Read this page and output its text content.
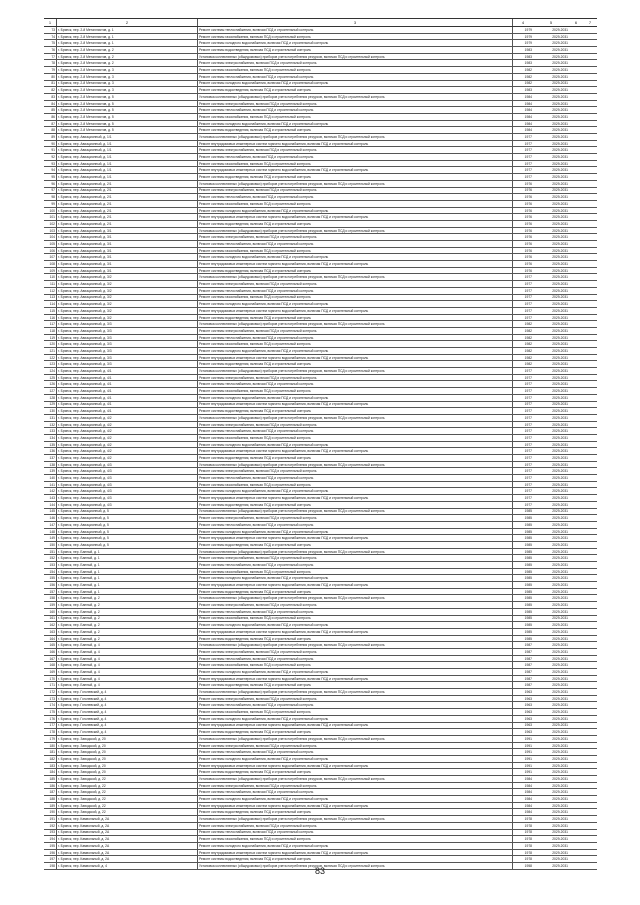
1	2	3	4	5	6	7
73	г. Брянск, пер. 2-й Металлистов, д. 1	Ремонт системы теплоснабжения, включая ПСД и строительный контроль	1979	2029-2031		
74	г. Брянск, пер. 2-й Металлистов, д. 1	Ремонт системы газоснабжения, включая ПСД и строительный контроль	1979	2029-2031		
75	г. Брянск, пер. 2-й Металлистов, д. 1	Ремонт системы холодного водоснабжения, включая ПСД и строительный контроль	1979	2029-2031		
76	г. Брянск, пер. 2-й Металлистов, д. 2	Ремонт системы водоотведения, включая ПСД и строительный контроль	1983	2029-2031		
77	г. Брянск, пер. 2-й Металлистов, д. 2	Установка коллективных (общедомовых) приборов учета потребления ресурсов, включая ПСД и строительный контроль	1983	2029-2031		
78	г. Брянск, пер. 2-й Металлистов, д. 2	Ремонт системы электроснабжения, включая ПСД и строительный контроль	1983	2029-2031		
79	г. Брянск, пер. 2-й Металлистов, д. 3	Ремонт системы газоснабжения, включая ПСД и строительный контроль	1982	2029-2031		
80	г. Брянск, пер. 2-й Металлистов, д. 3	Ремонт системы теплоснабжения, включая ПСД и строительный контроль	1982	2029-2031		
81	г. Брянск, пер. 2-й Металлистов, д. 3	Ремонт системы холодного водоснабжения, включая ПСД и строительный контроль	1982	2029-2031		
82	г. Брянск, пер. 2-й Металлистов, д. 3	Ремонт системы водоотведения, включая ПСД и строительный контроль	1983	2029-2031		
83	г. Брянск, пер. 2-й Металлистов, д. 5	Установка коллективных (общедомовых) приборов учета потребления ресурсов, включая ПСД и строительный контроль	1984	2029-2031		
84	г. Брянск, пер. 2-й Металлистов, д. 5	Ремонт системы электроснабжения, включая ПСД и строительный контроль	1984	2029-2031		
85	г. Брянск, пер. 2-й Металлистов, д. 5	Ремонт системы теплоснабжения, включая ПСД и строительный контроль	1984	2029-2031		
86	г. Брянск, пер. 2-й Металлистов, д. 5	Ремонт системы газоснабжения, включая ПСД и строительный контроль	1984	2029-2031		
87	г. Брянск, пер. 2-й Металлистов, д. 5	Ремонт системы холодного водоснабжения, включая ПСД и строительный контроль	1984	2029-2031		
88	г. Брянск, пер. 2-й Металлистов, д. 5	Ремонт системы водоотведения, включая ПСД и строительный контроль	1984	2029-2031		
89	г. Брянск, пер. Авиационный, д. 1/1	Установка коллективных (общедомовых) приборов учета потребления ресурсов, включая ПСД и строительный контроль	1977	2029-2031		
90	г. Брянск, пер. Авиационный, д. 1/1	Ремонт внутридомовых инженерных систем горячего водоснабжения, включая ПСД и строительный контроль	1977	2029-2031		
91	г. Брянск, пер. Авиационный, д. 1/1	Ремонт системы электроснабжения, включая ПСД и строительный контроль	1977	2029-2031		
92	г. Брянск, пер. Авиационный, д. 1/1	Ремонт системы теплоснабжения, включая ПСД и строительный контроль	1977	2029-2031		
93	г. Брянск, пер. Авиационный, д. 1/1	Ремонт системы газоснабжения, включая ПСД и строительный контроль	1977	2029-2031		
94	г. Брянск, пер. Авиационный, д. 1/1	Ремонт внутридомовых инженерных систем горячего водоснабжения, включая ПСД и строительный контроль	1977	2029-2031		
95	г. Брянск, пер. Авиационный, д. 1/1	Ремонт системы водоотведения, включая ПСД и строительный контроль	1977	2029-2031		
96	г. Брянск, пер. Авиационный, д. 2/1	Установка коллективных (общедомовых) приборов учета потребления ресурсов, включая ПСД и строительный контроль	1976	2029-2031		
97	г. Брянск, пер. Авиационный, д. 2/1	Ремонт системы электроснабжения, включая ПСД и строительный контроль	1976	2029-2031		
98	г. Брянск, пер. Авиационный, д. 2/1	Ремонт системы теплоснабжения, включая ПСД и строительный контроль	1976	2029-2031		
99	г. Брянск, пер. Авиационный, д. 2/1	Ремонт системы газоснабжения, включая ПСД и строительный контроль	1976	2029-2031		
100	г. Брянск, пер. Авиационный, д. 2/1	Ремонт системы холодного водоснабжения, включая ПСД и строительный контроль	1976	2029-2031		
101	г. Брянск, пер. Авиационный, д. 2/1	Ремонт внутридомовых инженерных систем горячего водоснабжения, включая ПСД и строительный контроль	1976	2029-2031		
102	г. Брянск, пер. Авиационный, д. 2/1	Ремонт системы водоотведения, включая ПСД и строительный контроль	1976	2029-2031		
103	г. Брянск, пер. Авиационный, д. 3/1	Установка коллективных (общедомовых) приборов учета потребления ресурсов, включая ПСД и строительный контроль	1976	2029-2031		
104	г. Брянск, пер. Авиационный, д. 3/1	Ремонт системы электроснабжения, включая ПСД и строительный контроль	1976	2029-2031		
105	г. Брянск, пер. Авиационный, д. 3/1	Ремонт системы теплоснабжения, включая ПСД и строительный контроль	1976	2029-2031		
106	г. Брянск, пер. Авиационный, д. 3/1	Ремонт системы газоснабжения, включая ПСД и строительный контроль	1976	2029-2031		
107	г. Брянск, пер. Авиационный, д. 3/1	Ремонт системы холодного водоснабжения, включая ПСД и строительный контроль	1976	2029-2031		
108	г. Брянск, пер. Авиационный, д. 3/1	Ремонт внутридомовых инженерных систем горячего водоснабжения, включая ПСД и строительный контроль	1976	2029-2031		
109	г. Брянск, пер. Авиационный, д. 3/1	Ремонт системы водоотведения, включая ПСД и строительный контроль	1976	2029-2031		
110	г. Брянск, пер. Авиационный, д. 3/2	Установка коллективных (общедомовых) приборов учета потребления ресурсов, включая ПСД и строительный контроль	1977	2029-2031		
111	г. Брянск, пер. Авиационный, д. 3/2	Ремонт системы электроснабжения, включая ПСД и строительный контроль	1977	2029-2031		
112	г. Брянск, пер. Авиационный, д. 3/2	Ремонт системы теплоснабжения, включая ПСД и строительный контроль	1977	2029-2031		
113	г. Брянск, пер. Авиационный, д. 3/2	Ремонт системы газоснабжения, включая ПСД и строительный контроль	1977	2029-2031		
114	г. Брянск, пер. Авиационный, д. 3/2	Ремонт системы холодного водоснабжения, включая ПСД и строительный контроль	1977	2029-2031		
115	г. Брянск, пер. Авиационный, д. 3/2	Ремонт внутридомовых инженерных систем горячего водоснабжения, включая ПСД и строительный контроль	1977	2029-2031		
116	г. Брянск, пер. Авиационный, д. 3/2	Ремонт системы водоотведения, включая ПСД и строительный контроль	1977	2029-2031		
117	г. Брянск, пер. Авиационный, д. 3/3	Установка коллективных (общедомовых) приборов учета потребления ресурсов, включая ПСД и строительный контроль	1982	2029-2031		
118	г. Брянск, пер. Авиационный, д. 3/3	Ремонт системы электроснабжения, включая ПСД и строительный контроль	1982	2029-2031		
119	г. Брянск, пер. Авиационный, д. 3/3	Ремонт системы теплоснабжения, включая ПСД и строительный контроль	1982	2029-2031		
120	г. Брянск, пер. Авиационный, д. 3/3	Ремонт системы газоснабжения, включая ПСД и строительный контроль	1982	2029-2031		
121	г. Брянск, пер. Авиационный, д. 3/3	Ремонт системы холодного водоснабжения, включая ПСД и строительный контроль	1982	2029-2031		
122	г. Брянск, пер. Авиационный, д. 3/3	Ремонт внутридомовых инженерных систем горячего водоснабжения, включая ПСД и строительный контроль	1982	2029-2031		
123	г. Брянск, пер. Авиационный, д. 3/3	Ремонт системы водоотведения, включая ПСД и строительный контроль	1982	2029-2031		
124	г. Брянск, пер. Авиационный, д. 4/1	Установка коллективных (общедомовых) приборов учета потребления ресурсов, включая ПСД и строительный контроль	1977	2029-2031		
125	г. Брянск, пер. Авиационный, д. 4/1	Ремонт системы электроснабжения, включая ПСД и строительный контроль	1977	2029-2031		
126	г. Брянск, пер. Авиационный, д. 4/1	Ремонт системы теплоснабжения, включая ПСД и строительный контроль	1977	2029-2031		
127	г. Брянск, пер. Авиационный, д. 4/1	Ремонт системы газоснабжения, включая ПСД и строительный контроль	1977	2029-2031		
128	г. Брянск, пер. Авиационный, д. 4/1	Ремонт системы холодного водоснабжения, включая ПСД и строительный контроль	1977	2029-2031		
129	г. Брянск, пер. Авиационный, д. 4/1	Ремонт внутридомовых инженерных систем горячего водоснабжения, включая ПСД и строительный контроль	1977	2029-2031		
130	г. Брянск, пер. Авиационный, д. 4/1	Ремонт системы водоотведения, включая ПСД и строительный контроль	1977	2029-2031		
131	г. Брянск, пер. Авиационный, д. 4/2	Установка коллективных (общедомовых) приборов учета потребления ресурсов, включая ПСД и строительный контроль	1977	2029-2031		
132	г. Брянск, пер. Авиационный, д. 4/2	Ремонт системы электроснабжения, включая ПСД и строительный контроль	1977	2029-2031		
133	г. Брянск, пер. Авиационный, д. 4/2	Ремонт системы теплоснабжения, включая ПСД и строительный контроль	1977	2029-2031		
134	г. Брянск, пер. Авиационный, д. 4/2	Ремонт системы газоснабжения, включая ПСД и строительный контроль	1977	2029-2031		
135	г. Брянск, пер. Авиационный, д. 4/2	Ремонт системы холодного водоснабжения, включая ПСД и строительный контроль	1977	2029-2031		
136	г. Брянск, пер. Авиационный, д. 4/2	Ремонт внутридомовых инженерных систем горячего водоснабжения, включая ПСД и строительный контроль	1977	2029-2031		
137	г. Брянск, пер. Авиационный, д. 4/2	Ремонт системы водоотведения, включая ПСД и строительный контроль	1977	2029-2031		
138	г. Брянск, пер. Авиационный, д. 4/3	Установка коллективных (общедомовых) приборов учета потребления ресурсов, включая ПСД и строительный контроль	1977	2029-2031		
139	г. Брянск, пер. Авиационный, д. 4/3	Ремонт системы электроснабжения, включая ПСД и строительный контроль	1977	2029-2031		
140	г. Брянск, пер. Авиационный, д. 4/3	Ремонт системы теплоснабжения, включая ПСД и строительный контроль	1977	2029-2031		
141	г. Брянск, пер. Авиационный, д. 4/3	Ремонт системы газоснабжения, включая ПСД и строительный контроль	1977	2029-2031		
142	г. Брянск, пер. Авиационный, д. 4/3	Ремонт системы холодного водоснабжения, включая ПСД и строительный контроль	1977	2029-2031		
143	г. Брянск, пер. Авиационный, д. 4/3	Ремонт внутридомовых инженерных систем горячего водоснабжения, включая ПСД и строительный контроль	1977	2029-2031		
144	г. Брянск, пер. Авиационный, д. 4/3	Ремонт системы водоотведения, включая ПСД и строительный контроль	1977	2029-2031		
145	г. Брянск, пер. Авиационный, д. 5	Установка коллективных (общедомовых) приборов учета потребления ресурсов, включая ПСД и строительный контроль	1985	2029-2031		
146	г. Брянск, пер. Авиационный, д. 5	Ремонт системы электроснабжения, включая ПСД и строительный контроль	1985	2029-2031		
147	г. Брянск, пер. Авиационный, д. 5	Ремонт системы теплоснабжения, включая ПСД и строительный контроль	1985	2029-2031		
148	г. Брянск, пер. Авиационный, д. 5	Ремонт системы холодного водоснабжения, включая ПСД и строительный контроль	1985	2029-2031		
149	г. Брянск, пер. Авиационный, д. 5	Ремонт внутридомовых инженерных систем горячего водоснабжения, включая ПСД и строительный контроль	1985	2029-2031		
150	г. Брянск, пер. Авиационный, д. 5	Ремонт системы водоотведения, включая ПСД и строительный контроль	1985	2029-2031		
151	г. Брянск, пер. Банный, д. 1	Установка коллективных (общедомовых) приборов учета потребления ресурсов, включая ПСД и строительный контроль	1985	2029-2031		
152	г. Брянск, пер. Банный, д. 1	Ремонт системы электроснабжения, включая ПСД и строительный контроль	1985	2029-2031		
153	г. Брянск, пер. Банный, д. 1	Ремонт системы теплоснабжения, включая ПСД и строительный контроль	1985	2029-2031		
154	г. Брянск, пер. Банный, д. 1	Ремонт системы газоснабжения, включая ПСД и строительный контроль	1985	2029-2031		
155	г. Брянск, пер. Банный, д. 1	Ремонт системы холодного водоснабжения, включая ПСД и строительный контроль	1985	2029-2031		
156	г. Брянск, пер. Банный, д. 1	Ремонт внутридомовых инженерных систем горячего водоснабжения, включая ПСД и строительный контроль	1985	2029-2031		
157	г. Брянск, пер. Банный, д. 1	Ремонт системы водоотведения, включая ПСД и строительный контроль	1985	2029-2031		
158	г. Брянск, пер. Банный, д. 2	Установка коллективных (общедомовых) приборов учета потребления ресурсов, включая ПСД и строительный контроль	1985	2029-2031		
159	г. Брянск, пер. Банный, д. 2	Ремонт системы электроснабжения, включая ПСД и строительный контроль	1985	2029-2031		
160	г. Брянск, пер. Банный, д. 2	Ремонт системы теплоснабжения, включая ПСД и строительный контроль	1985	2029-2031		
161	г. Брянск, пер. Банный, д. 2	Ремонт системы газоснабжения, включая ПСД и строительный контроль	1985	2029-2031		
162	г. Брянск, пер. Банный, д. 2	Ремонт системы холодного водоснабжения, включая ПСД и строительный контроль	1985	2029-2031		
163	г. Брянск, пер. Банный, д. 2	Ремонт внутридомовых инженерных систем горячего водоснабжения, включая ПСД и строительный контроль	1985	2029-2031		
164	г. Брянск, пер. Банный, д. 2	Ремонт системы водоотведения, включая ПСД и строительный контроль	1985	2029-2031		
165	г. Брянск, пер. Банный, д. 4	Установка коллективных (общедомовых) приборов учета потребления ресурсов, включая ПСД и строительный контроль	1987	2029-2031		
166	г. Брянск, пер. Банный, д. 4	Ремонт системы электроснабжения, включая ПСД и строительный контроль	1987	2029-2031		
167	г. Брянск, пер. Банный, д. 4	Ремонт системы теплоснабжения, включая ПСД и строительный контроль	1987	2029-2031		
168	г. Брянск, пер. Банный, д. 4	Ремонт системы газоснабжения, включая ПСД и строительный контроль	1987	2029-2031		
169	г. Брянск, пер. Банный, д. 4	Ремонт системы холодного водоснабжения, включая ПСД и строительный контроль	1987	2029-2031		
170	г. Брянск, пер. Банный, д. 4	Ремонт внутридомовых инженерных систем горячего водоснабжения, включая ПСД и строительный контроль	1987	2029-2031		
171	г. Брянск, пер. Банный, д. 4	Ремонт системы водоотведения, включая ПСД и строительный контроль	1987	2029-2031		
172	г. Брянск, пер. Гоголевский, д. 4	Установка коллективных (общедомовых) приборов учета потребления ресурсов, включая ПСД и строительный контроль	1963	2029-2031		
173	г. Брянск, пер. Гоголевский, д. 4	Ремонт системы электроснабжения, включая ПСД и строительный контроль	1963	2029-2031		
174	г. Брянск, пер. Гоголевский, д. 4	Ремонт системы теплоснабжения, включая ПСД и строительный контроль	1963	2029-2031		
175	г. Брянск, пер. Гоголевский, д. 4	Ремонт системы газоснабжения, включая ПСД и строительный контроль	1963	2029-2031		
176	г. Брянск, пер. Гоголевский, д. 4	Ремонт системы холодного водоснабжения, включая ПСД и строительный контроль	1963	2029-2031		
177	г. Брянск, пер. Гоголевский, д. 4	Ремонт внутридомовых инженерных систем горячего водоснабжения, включая ПСД и строительный контроль	1963	2029-2031		
178	г. Брянск, пер. Гоголевский, д. 4	Ремонт системы водоотведения, включая ПСД и строительный контроль	1963	2029-2031		
179	г. Брянск, пер. Заводской, д. 20	Установка коллективных (общедомовых) приборов учета потребления ресурсов, включая ПСД и строительный контроль	1991	2029-2031		
180	г. Брянск, пер. Заводской, д. 20	Ремонт системы электроснабжения, включая ПСД и строительный контроль	1991	2029-2031		
181	г. Брянск, пер. Заводской, д. 20	Ремонт системы теплоснабжения, включая ПСД и строительный контроль	1991	2029-2031		
182	г. Брянск, пер. Заводской, д. 20	Ремонт системы холодного водоснабжения, включая ПСД и строительный контроль	1991	2029-2031		
183	г. Брянск, пер. Заводской, д. 20	Ремонт внутридомовых инженерных систем горячего водоснабжения, включая ПСД и строительный контроль	1991	2029-2031		
184	г. Брянск, пер. Заводской, д. 20	Ремонт системы водоотведения, включая ПСД и строительный контроль	1991	2029-2031		
185	г. Брянск, пер. Заводской, д. 22	Установка коллективных (общедомовых) приборов учета потребления ресурсов, включая ПСД и строительный контроль	1984	2029-2031		
186	г. Брянск, пер. Заводской, д. 22	Ремонт системы электроснабжения, включая ПСД и строительный контроль	1984	2029-2031		
187	г. Брянск, пер. Заводской, д. 22	Ремонт системы теплоснабжения, включая ПСД и строительный контроль	1984	2029-2031		
188	г. Брянск, пер. Заводской, д. 22	Ремонт системы холодного водоснабжения, включая ПСД и строительный контроль	1984	2029-2031		
189	г. Брянск, пер. Заводской, д. 22	Ремонт внутридомовых инженерных систем горячего водоснабжения, включая ПСД и строительный контроль	1984	2029-2031		
190	г. Брянск, пер. Заводской, д. 22	Ремонт системы водоотведения, включая ПСД и строительный контроль	1984	2029-2031		
191	г. Брянск, пер. Камвольный, д. 2А	Установка коллективных (общедомовых) приборов учета потребления ресурсов, включая ПСД и строительный контроль	1978	2029-2031		
192	г. Брянск, пер. Камвольный, д. 2А	Ремонт системы электроснабжения, включая ПСД и строительный контроль	1978	2029-2031		
193	г. Брянск, пер. Камвольный, д. 2А	Ремонт системы теплоснабжения, включая ПСД и строительный контроль	1978	2029-2031		
194	г. Брянск, пер. Камвольный, д. 2А	Ремонт системы газоснабжения, включая ПСД и строительный контроль	1978	2029-2031		
195	г. Брянск, пер. Камвольный, д. 2А	Ремонт системы холодного водоснабжения, включая ПСД и строительный контроль	1978	2029-2031		
196	г. Брянск, пер. Камвольный, д. 2А	Ремонт внутридомовых инженерных систем горячего водоснабжения, включая ПСД и строительный контроль	1978	2029-2031		
197	г. Брянск, пер. Камвольный, д. 2А	Ремонт системы водоотведения, включая ПСД и строительный контроль	1978	2029-2031		
198	г. Брянск, пер. Камвольный, д. 4	Установка коллективных (общедомовых) приборов учета потребления ресурсов, включая ПСД и строительный контроль	1958	2029-2031		
83
